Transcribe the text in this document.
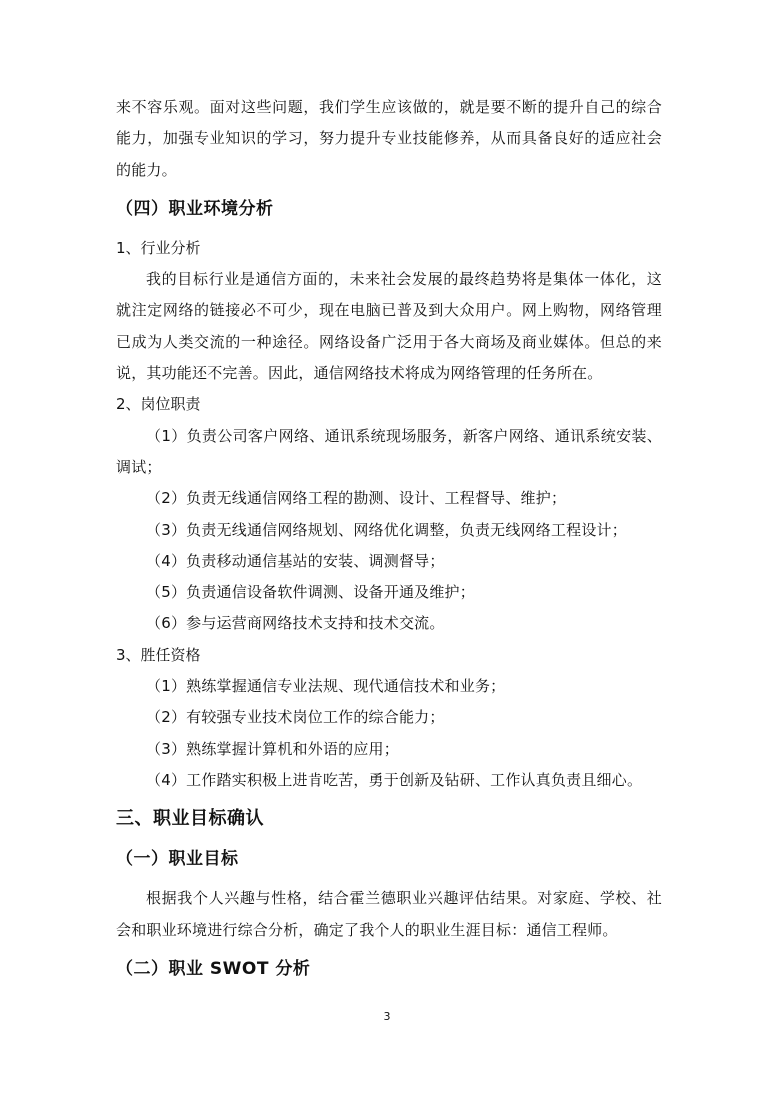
来不容乐观。面对这些问题，我们学生应该做的，就是要不断的提升自己的综合能力，加强专业知识的学习，努力提升专业技能修养，从而具备良好的适应社会的能力。

（四）职业环境分析

1、行业分析

我的目标行业是通信方面的，未来社会发展的最终趋势将是集体一体化，这就注定网络的链接必不可少，现在电脑已普及到大众用户。网上购物，网络管理已成为人类交流的一种途径。网络设备广泛用于各大商场及商业媒体。但总的来说，其功能还不完善。因此，通信网络技术将成为网络管理的任务所在。

2、岗位职责

（1）负责公司客户网络、通讯系统现场服务，新客户网络、通讯系统安装、调试；

（2）负责无线通信网络工程的勘测、设计、工程督导、维护；

（3）负责无线通信网络规划、网络优化调整，负责无线网络工程设计；

（4）负责移动通信基站的安装、调测督导；

（5）负责通信设备软件调测、设备开通及维护；

（6）参与运营商网络技术支持和技术交流。

3、胜任资格

（1）熟练掌握通信专业法规、现代通信技术和业务；

（2）有较强专业技术岗位工作的综合能力；

（3）熟练掌握计算机和外语的应用；

（4）工作踏实积极上进肯吃苦，勇于创新及钻研、工作认真负责且细心。

三、职业目标确认
（一）职业目标

根据我个人兴趣与性格，结合霍兰德职业兴趣评估结果。对家庭、学校、社会和职业环境进行综合分析，确定了我个人的职业生涯目标：通信工程师。

（二）职业 SWOT 分析
3
